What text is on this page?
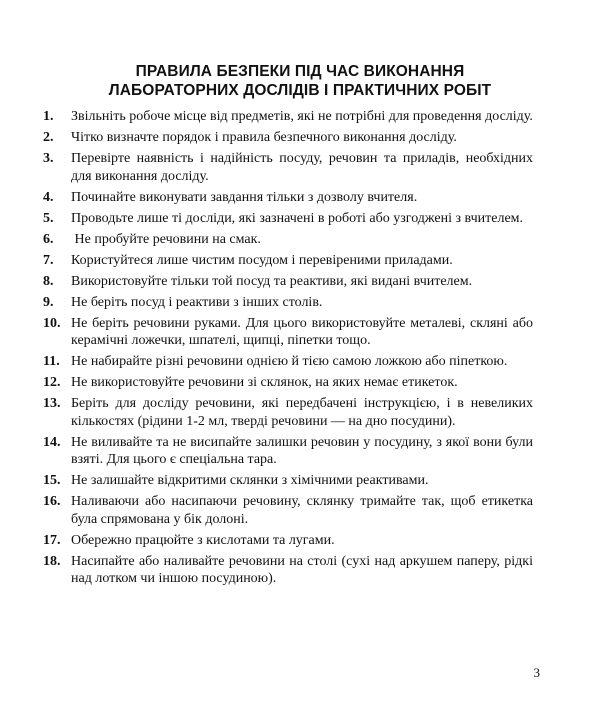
ПРАВИЛА БЕЗПЕКИ ПІД ЧАС ВИКОНАННЯ
ЛАБОРАТОРНИХ ДОСЛІДІВ І ПРАКТИЧНИХ РОБІТ
1.	Звільніть робоче місце від предметів, які не потрібні для проведення досліду.
2.	Чітко визначте порядок і правила безпечного виконання досліду.
3.	Перевірте наявність і надійність посуду, речовин та приладів, необхідних для виконання досліду.
4.	Починайте виконувати завдання тільки з дозволу вчителя.
5.	Проводьте лише ті досліди, які зазначені в роботі або узгоджені з вчителем.
6.	Не пробуйте речовини на смак.
7.	Користуйтеся лише чистим посудом і перевіреними приладами.
8.	Використовуйте тільки той посуд та реактиви, які видані вчителем.
9.	Не беріть посуд і реактиви з інших столів.
10. Не беріть речовини руками. Для цього використовуйте металеві, скляні або керамічні ложечки, шпателі, щипці, піпетки тощо.
11. Не набирайте різні речовини однією й тією самою ложкою або піпеткою.
12. Не використовуйте речовини зі склянок, на яких немає етикеток.
13. Беріть для досліду речовини, які передбачені інструкцією, і в невеликих кількостях (рідини 1-2 мл, тверді речовини — на дно посудини).
14. Не виливайте та не висипайте залишки речовин у посудину, з якої вони були взяті. Для цього є спеціальна тара.
15. Не залишайте відкритими склянки з хімічними реактивами.
16. Наливаючи або насипаючи речовину, склянку тримайте так, щоб етикетка була спрямована у бік долоні.
17. Обережно працюйте з кислотами та лугами.
18. Насипайте або наливайте речовини на столі (сухі над аркушем паперу, рідкі над лотком чи іншою посудиною).
3
